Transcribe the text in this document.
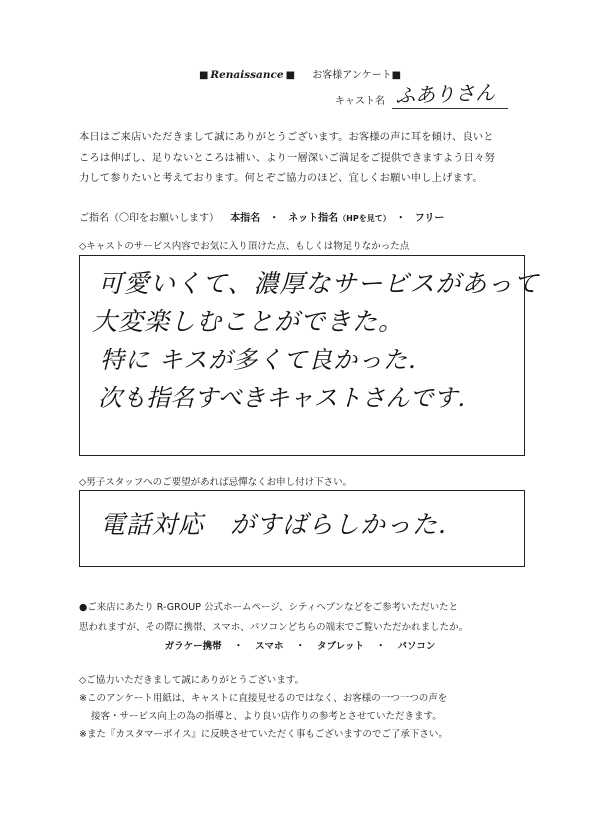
■ Renaissance ■ お客様アンケート■
キャスト名 ふありさん
本日はご来店いただきまして誠にありがとうございます。お客様の声に耳を傾け、良いと
ころは伸ばし、足りないところは補い、より一層深いご満足をご提供できますよう日々努
力して参りたいと考えております。何とぞご協力のほど、宜しくお願い申し上げます。
ご指名（〇印をお願いします） 本指名 ・ ネット指名（HPを見て） ・ フリー
◇キャストのサービス内容でお気に入り頂けた点、もしくは物足りなかった点
可愛いくて、濃厚なサービスがあって
大変楽しむことができた。
特に キスが多くて良かった.
次も指名すべきキャストさんです.
◇男子スタッフへのご要望があれば忌憚なくお申し付け下さい。
電話対応　がすばらしかった.
●ご来店にあたり R-GROUP 公式ホームページ、シティヘブンなどをご参考いただいたと
思われますが、その際に携帯、スマホ、パソコンどちらの端末でご覧いただかれましたか。
ガラケー携帯 ・ スマホ ・ タブレット ・ パソコン
◇ご協力いただきまして誠にありがとうございます。
※このアンケート用紙は、キャストに直接見せるのではなく、お客様の一つ一つの声を
接客・サービス向上の為の指導と、より良い店作りの参考とさせていただきます。
※また『カスタマーボイス』に反映させていただく事もございますのでご了承下さい。
